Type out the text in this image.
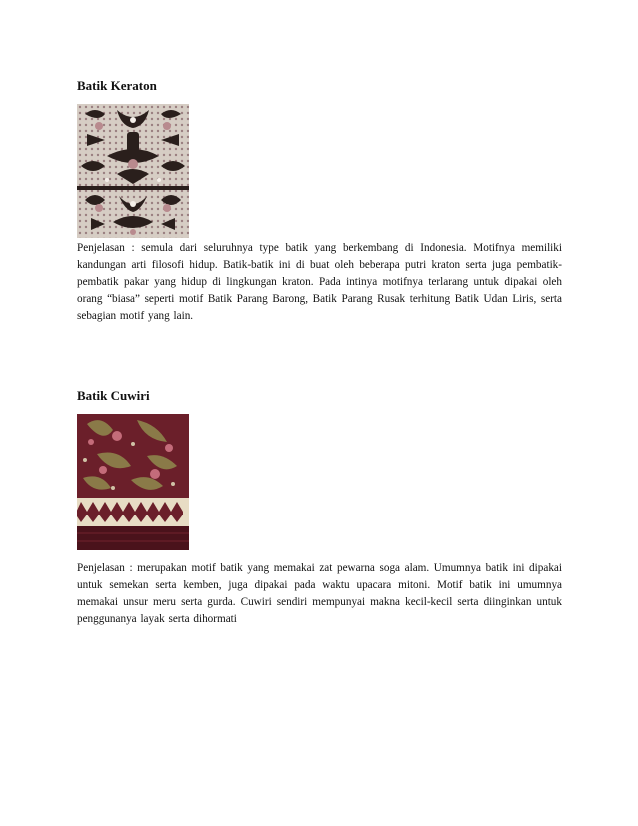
Batik Keraton
Penjelasan : semula dari seluruhnya type batik yang berkembang di Indonesia. Motifnya memiliki kandungan arti filosofi hidup. Batik-batik ini di buat oleh beberapa putri kraton serta juga pembatik-pembatik pakar yang hidup di lingkungan kraton. Pada intinya motifnya terlarang untuk dipakai oleh orang “biasa” seperti motif Batik Parang Barong, Batik Parang Rusak terhitung Batik Udan Liris, serta sebagian motif yang lain.
Batik Cuwiri
Penjelasan : merupakan motif batik yang memakai zat pewarna soga alam. Umumnya batik ini dipakai untuk semekan serta kemben, juga dipakai pada waktu upacara mitoni. Motif batik ini umumnya memakai unsur meru serta gurda. Cuwiri sendiri mempunyai makna kecil-kecil serta diinginkan untuk penggunanya layak serta dihormati
